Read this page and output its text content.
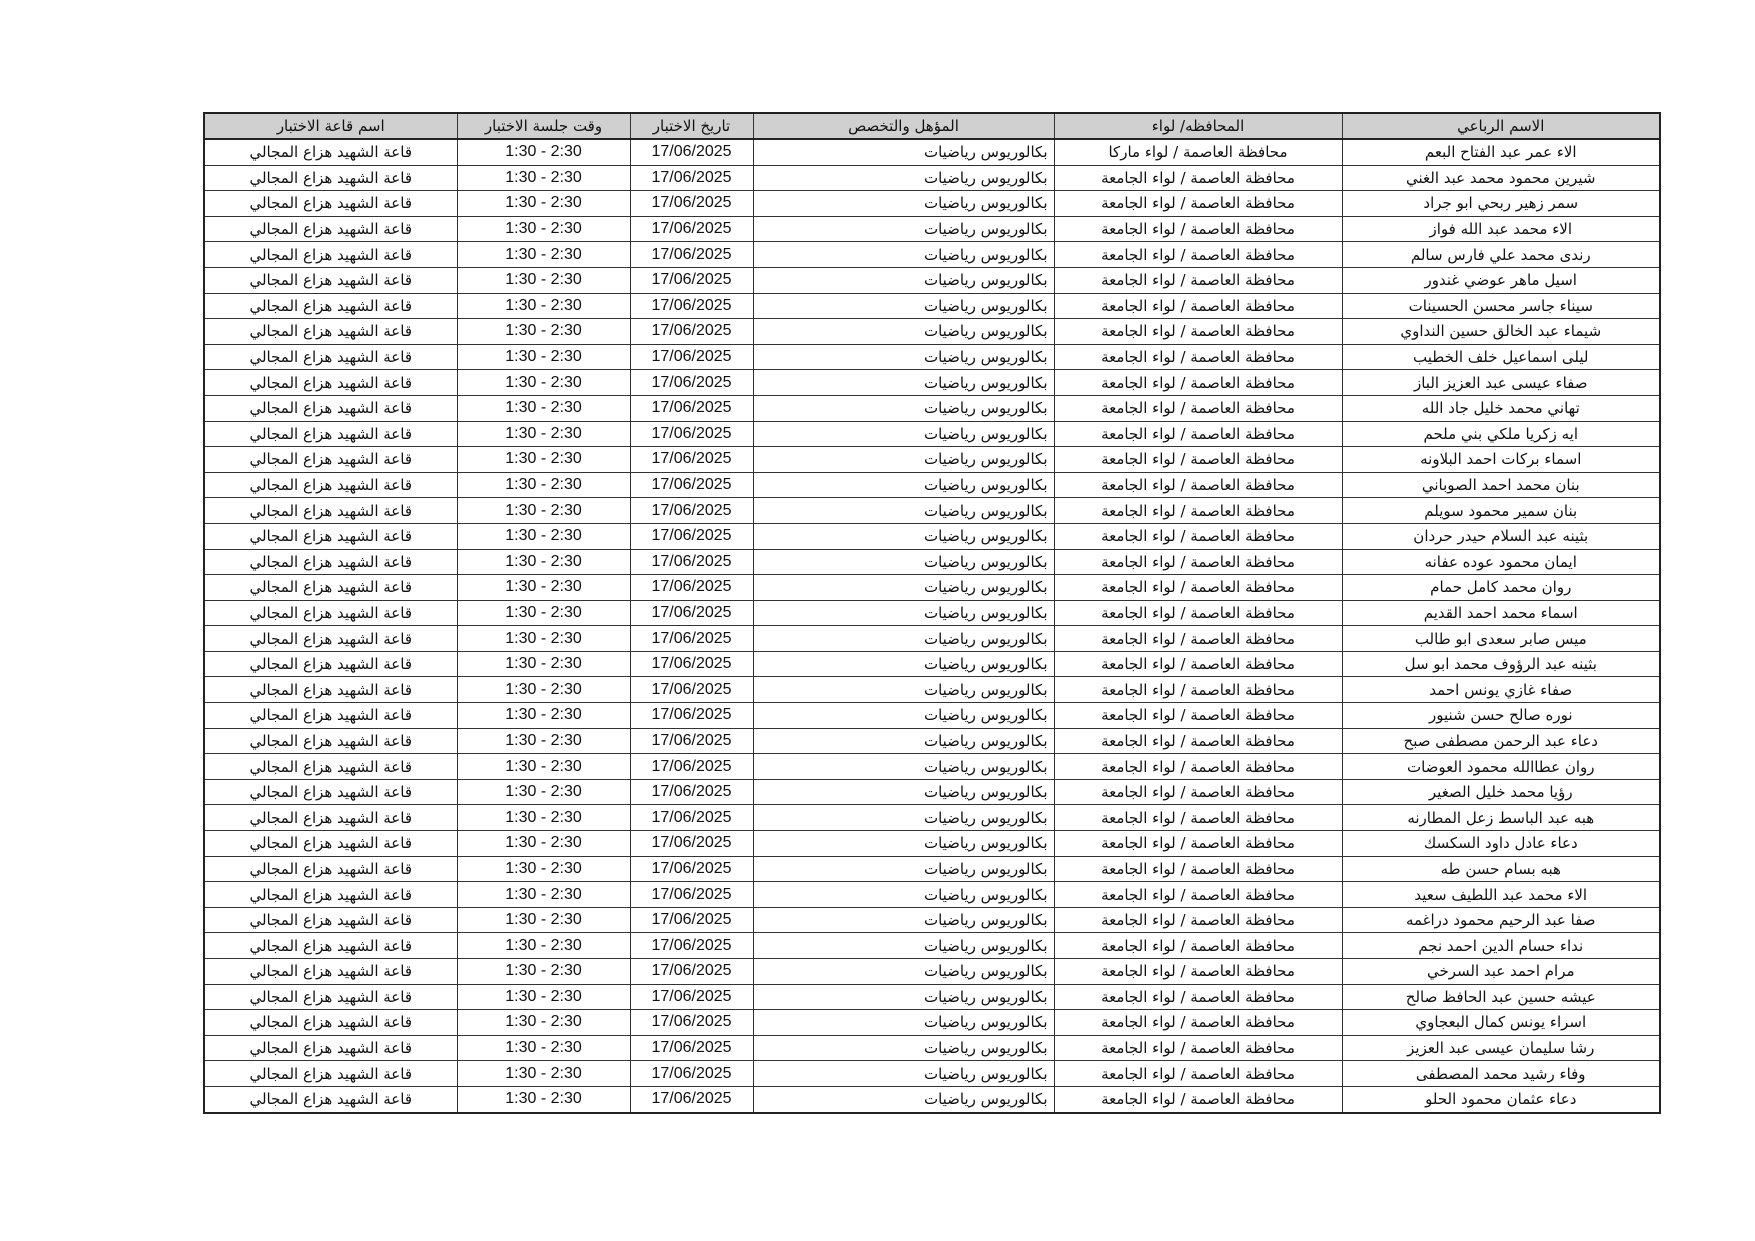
الاسم الرباعي	المحافظه/ لواء	المؤهل والتخصص	تاريخ الاختبار	وقت جلسة الاختبار	اسم قاعة الاختبار
الاء عمر عبد الفتاح البعم	محافظة العاصمة / لواء ماركا	بكالوريوس رياضيات	17/06/2025	1:30 - 2:30	قاعة الشهيد هزاع المجالي
شيرين محمود محمد عبد الغني	محافظة العاصمة / لواء الجامعة	بكالوريوس رياضيات	17/06/2025	1:30 - 2:30	قاعة الشهيد هزاع المجالي
سمر زهير ربحي ابو جراد	محافظة العاصمة / لواء الجامعة	بكالوريوس رياضيات	17/06/2025	1:30 - 2:30	قاعة الشهيد هزاع المجالي
الاء محمد عبد الله فواز	محافظة العاصمة / لواء الجامعة	بكالوريوس رياضيات	17/06/2025	1:30 - 2:30	قاعة الشهيد هزاع المجالي
رندى محمد علي فارس سالم	محافظة العاصمة / لواء الجامعة	بكالوريوس رياضيات	17/06/2025	1:30 - 2:30	قاعة الشهيد هزاع المجالي
اسيل ماهر عوضي غندور	محافظة العاصمة / لواء الجامعة	بكالوريوس رياضيات	17/06/2025	1:30 - 2:30	قاعة الشهيد هزاع المجالي
سيناء جاسر محسن الحسينات	محافظة العاصمة / لواء الجامعة	بكالوريوس رياضيات	17/06/2025	1:30 - 2:30	قاعة الشهيد هزاع المجالي
شيماء عبد الخالق حسين النداوي	محافظة العاصمة / لواء الجامعة	بكالوريوس رياضيات	17/06/2025	1:30 - 2:30	قاعة الشهيد هزاع المجالي
ليلى اسماعيل خلف الخطيب	محافظة العاصمة / لواء الجامعة	بكالوريوس رياضيات	17/06/2025	1:30 - 2:30	قاعة الشهيد هزاع المجالي
صفاء عيسى عبد العزيز الباز	محافظة العاصمة / لواء الجامعة	بكالوريوس رياضيات	17/06/2025	1:30 - 2:30	قاعة الشهيد هزاع المجالي
تهاني محمد خليل جاد الله	محافظة العاصمة / لواء الجامعة	بكالوريوس رياضيات	17/06/2025	1:30 - 2:30	قاعة الشهيد هزاع المجالي
ايه زكريا ملكي بني ملحم	محافظة العاصمة / لواء الجامعة	بكالوريوس رياضيات	17/06/2025	1:30 - 2:30	قاعة الشهيد هزاع المجالي
اسماء بركات احمد البلاونه	محافظة العاصمة / لواء الجامعة	بكالوريوس رياضيات	17/06/2025	1:30 - 2:30	قاعة الشهيد هزاع المجالي
بنان محمد احمد الصوباني	محافظة العاصمة / لواء الجامعة	بكالوريوس رياضيات	17/06/2025	1:30 - 2:30	قاعة الشهيد هزاع المجالي
بنان سمير محمود سويلم	محافظة العاصمة / لواء الجامعة	بكالوريوس رياضيات	17/06/2025	1:30 - 2:30	قاعة الشهيد هزاع المجالي
بثينه عبد السلام حيدر حردان	محافظة العاصمة / لواء الجامعة	بكالوريوس رياضيات	17/06/2025	1:30 - 2:30	قاعة الشهيد هزاع المجالي
ايمان محمود عوده عفانه	محافظة العاصمة / لواء الجامعة	بكالوريوس رياضيات	17/06/2025	1:30 - 2:30	قاعة الشهيد هزاع المجالي
روان محمد كامل حمام	محافظة العاصمة / لواء الجامعة	بكالوريوس رياضيات	17/06/2025	1:30 - 2:30	قاعة الشهيد هزاع المجالي
اسماء محمد احمد القديم	محافظة العاصمة / لواء الجامعة	بكالوريوس رياضيات	17/06/2025	1:30 - 2:30	قاعة الشهيد هزاع المجالي
ميس صابر سعدى ابو طالب	محافظة العاصمة / لواء الجامعة	بكالوريوس رياضيات	17/06/2025	1:30 - 2:30	قاعة الشهيد هزاع المجالي
بثينه عبد الرؤوف محمد ابو سل	محافظة العاصمة / لواء الجامعة	بكالوريوس رياضيات	17/06/2025	1:30 - 2:30	قاعة الشهيد هزاع المجالي
صفاء غازي يونس احمد	محافظة العاصمة / لواء الجامعة	بكالوريوس رياضيات	17/06/2025	1:30 - 2:30	قاعة الشهيد هزاع المجالي
نوره صالح حسن شنيور	محافظة العاصمة / لواء الجامعة	بكالوريوس رياضيات	17/06/2025	1:30 - 2:30	قاعة الشهيد هزاع المجالي
دعاء عبد الرحمن مصطفى صبح	محافظة العاصمة / لواء الجامعة	بكالوريوس رياضيات	17/06/2025	1:30 - 2:30	قاعة الشهيد هزاع المجالي
روان عطاالله محمود العوضات	محافظة العاصمة / لواء الجامعة	بكالوريوس رياضيات	17/06/2025	1:30 - 2:30	قاعة الشهيد هزاع المجالي
رؤيا محمد خليل الصغير	محافظة العاصمة / لواء الجامعة	بكالوريوس رياضيات	17/06/2025	1:30 - 2:30	قاعة الشهيد هزاع المجالي
هبه عبد الباسط زعل المطارنه	محافظة العاصمة / لواء الجامعة	بكالوريوس رياضيات	17/06/2025	1:30 - 2:30	قاعة الشهيد هزاع المجالي
دعاء عادل داود السكسك	محافظة العاصمة / لواء الجامعة	بكالوريوس رياضيات	17/06/2025	1:30 - 2:30	قاعة الشهيد هزاع المجالي
هبه بسام حسن طه	محافظة العاصمة / لواء الجامعة	بكالوريوس رياضيات	17/06/2025	1:30 - 2:30	قاعة الشهيد هزاع المجالي
الاء محمد عبد اللطيف سعيد	محافظة العاصمة / لواء الجامعة	بكالوريوس رياضيات	17/06/2025	1:30 - 2:30	قاعة الشهيد هزاع المجالي
صفا عبد الرحيم محمود دراغمه	محافظة العاصمة / لواء الجامعة	بكالوريوس رياضيات	17/06/2025	1:30 - 2:30	قاعة الشهيد هزاع المجالي
نداء حسام الدين احمد نجم	محافظة العاصمة / لواء الجامعة	بكالوريوس رياضيات	17/06/2025	1:30 - 2:30	قاعة الشهيد هزاع المجالي
مرام احمد عبد السرخي	محافظة العاصمة / لواء الجامعة	بكالوريوس رياضيات	17/06/2025	1:30 - 2:30	قاعة الشهيد هزاع المجالي
عيشه حسين عبد الحافظ صالح	محافظة العاصمة / لواء الجامعة	بكالوريوس رياضيات	17/06/2025	1:30 - 2:30	قاعة الشهيد هزاع المجالي
اسراء يونس كمال البعجاوي	محافظة العاصمة / لواء الجامعة	بكالوريوس رياضيات	17/06/2025	1:30 - 2:30	قاعة الشهيد هزاع المجالي
رشا سليمان عيسى عبد العزيز	محافظة العاصمة / لواء الجامعة	بكالوريوس رياضيات	17/06/2025	1:30 - 2:30	قاعة الشهيد هزاع المجالي
وفاء رشيد محمد المصطفى	محافظة العاصمة / لواء الجامعة	بكالوريوس رياضيات	17/06/2025	1:30 - 2:30	قاعة الشهيد هزاع المجالي
دعاء عثمان محمود الحلو	محافظة العاصمة / لواء الجامعة	بكالوريوس رياضيات	17/06/2025	1:30 - 2:30	قاعة الشهيد هزاع المجالي
